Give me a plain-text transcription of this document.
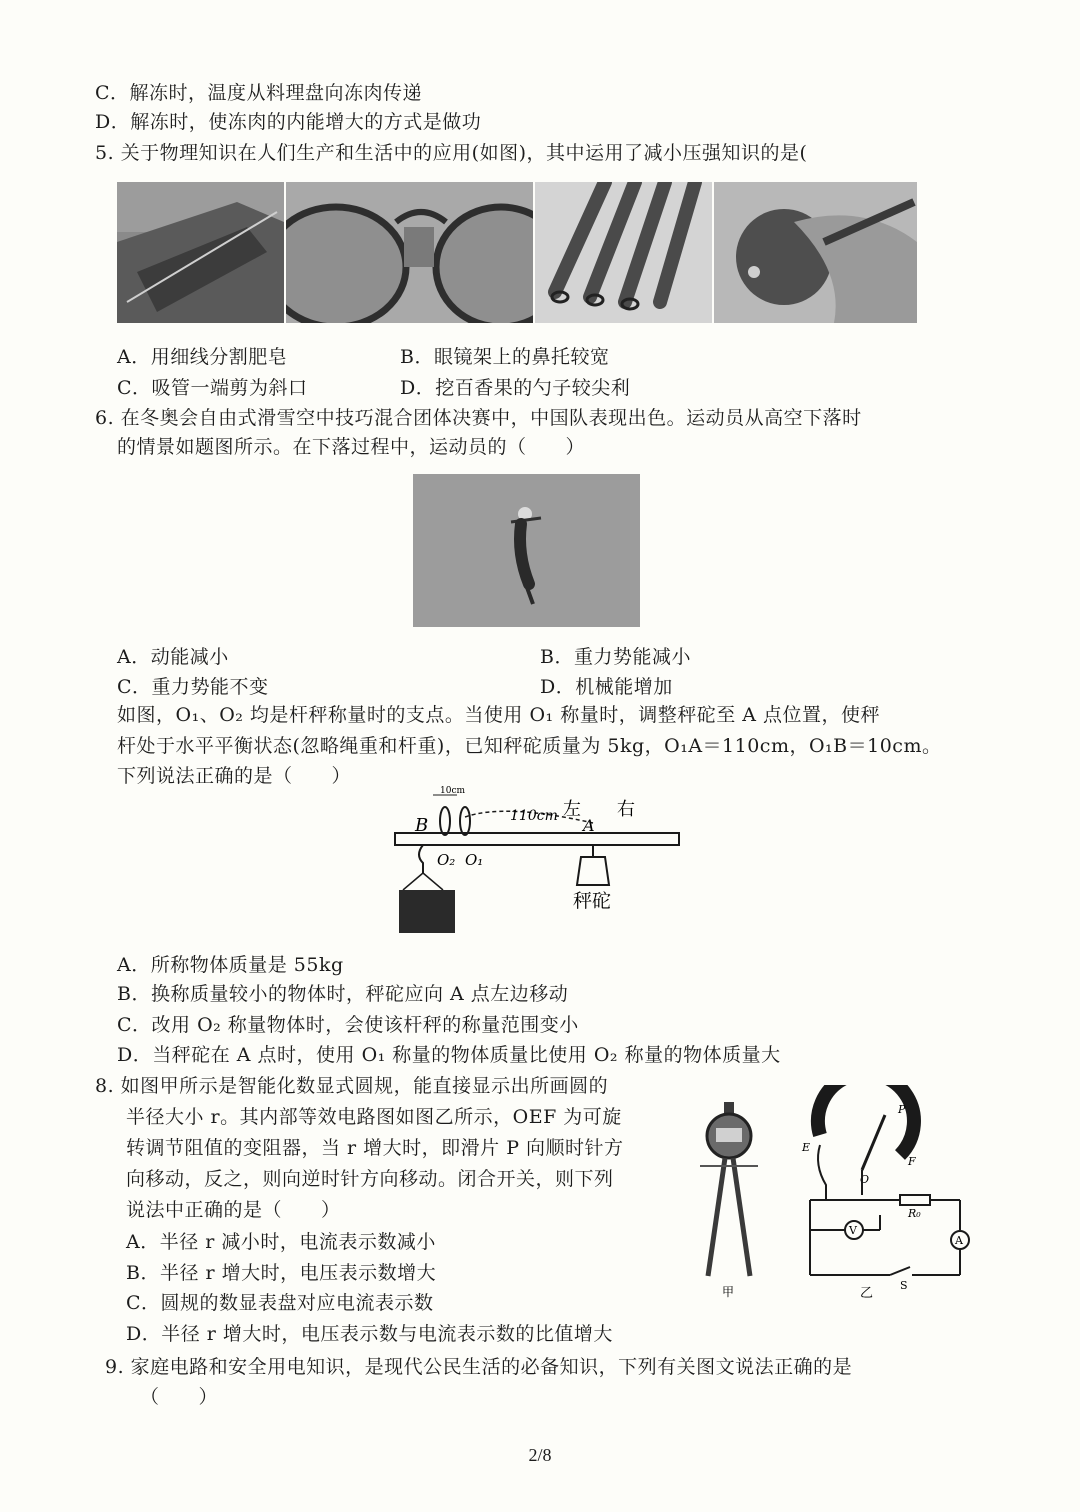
C．解冻时，温度从料理盘向冻肉传递
D．解冻时，使冻肉的内能增大的方式是做功
5. 关于物理知识在人们生产和生活中的应用(如图)，其中运用了减小压强知识的是(
A．用细线分割肥皂	B．眼镜架上的鼻托较宽
C．吸管一端剪为斜口	D．挖百香果的勺子较尖利
6. 在冬奥会自由式滑雪空中技巧混合团体决赛中，中国队表现出色。运动员从高空下落时
的情景如题图所示。在下落过程中，运动员的（　　）
A．动能减小	B．重力势能减小
C．重力势能不变	D．机械能增加
如图，O₁、O₂ 均是杆秤称量时的支点。当使用 O₁ 称量时，调整秤砣至 A 点位置，使秤
杆处于水平平衡状态(忽略绳重和杆重)，已知秤砣质量为 5kg，O₁A＝110cm，O₁B＝10cm。
下列说法正确的是（　　）
10cm
110cm
B	A
左 右
O₂ O₁
秤砣
A．所称物体质量是 55kg
B．换称质量较小的物体时，秤砣应向 A 点左边移动
C．改用 O₂ 称量物体时，会使该杆秤的称量范围变小
D．当秤砣在 A 点时，使用 O₁ 称量的物体质量比使用 O₂ 称量的物体质量大
8. 如图甲所示是智能化数显式圆规，能直接显示出所画圆的
半径大小 r。其内部等效电路图如图乙所示，OEF 为可旋
转调节阻值的变阻器，当 r 增大时，即滑片 P 向顺时针方
向移动，反之，则向逆时针方向移动。闭合开关，则下列
说法中正确的是（　　）
A．半径 r 减小时，电流表示数减小
B．半径 r 增大时，电压表示数增大
C．圆规的数显表盘对应电流表示数
D．半径 r 增大时，电压表示数与电流表示数的比值增大
甲
P
E
F
O
R₀
A
S
V
乙
9. 家庭电路和安全用电知识，是现代公民生活的必备知识，下列有关图文说法正确的是
（　　）
2/8
